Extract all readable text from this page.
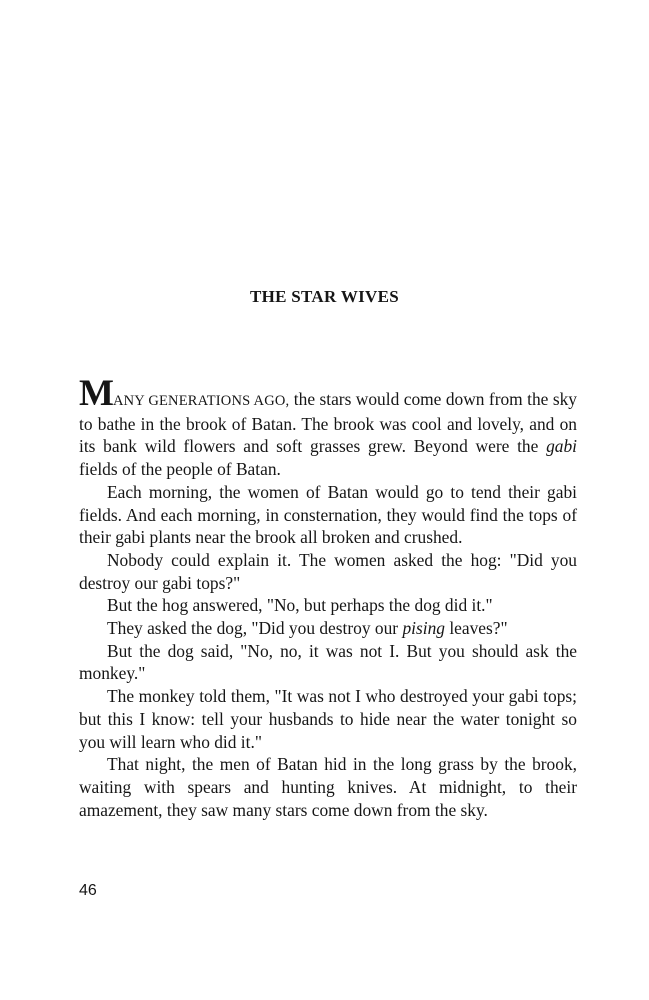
THE STAR WIVES

MANY GENERATIONS AGO, the stars would come down from the sky to bathe in the brook of Batan. The brook was cool and lovely, and on its bank wild flowers and soft grasses grew. Beyond were the gabi fields of the people of Batan.

Each morning, the women of Batan would go to tend their gabi fields. And each morning, in consternation, they would find the tops of their gabi plants near the brook all broken and crushed.

Nobody could explain it. The women asked the hog: "Did you destroy our gabi tops?"

But the hog answered, "No, but perhaps the dog did it."

They asked the dog, "Did you destroy our pising leaves?"

But the dog said, "No, no, it was not I. But you should ask the monkey."

The monkey told them, "It was not I who destroyed your gabi tops; but this I know: tell your husbands to hide near the water tonight so you will learn who did it."

That night, the men of Batan hid in the long grass by the brook, waiting with spears and hunting knives. At midnight, to their amazement, they saw many stars come down from the sky.

46
